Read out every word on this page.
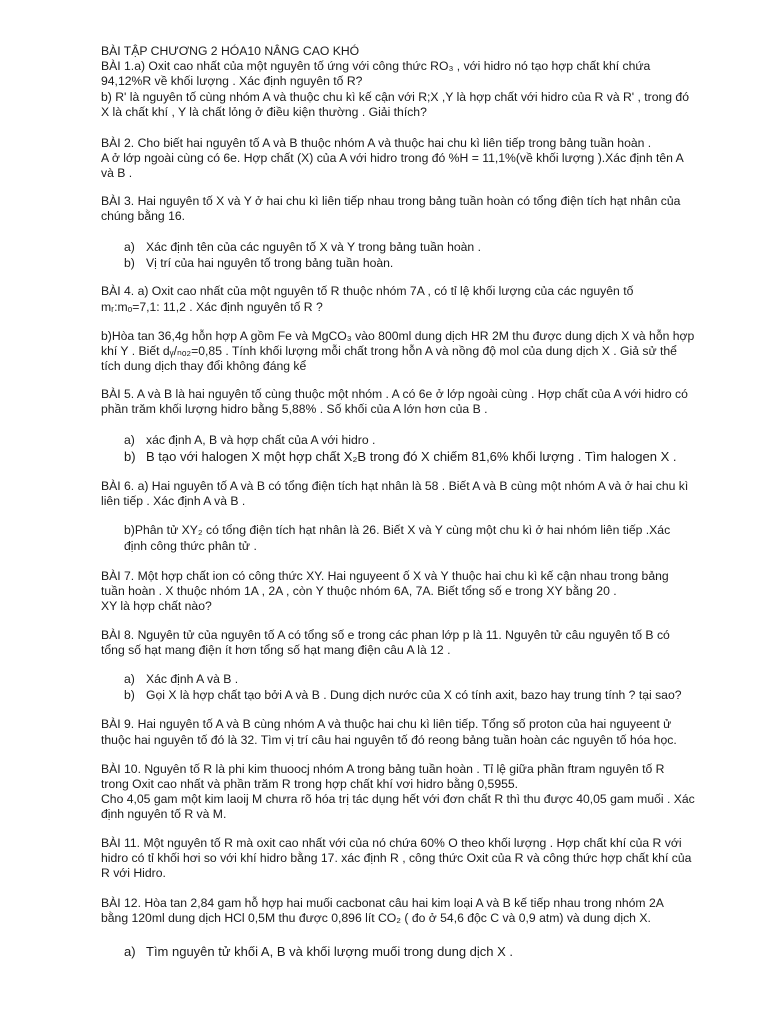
BÀI TẬP CHƯƠNG 2 HÓA10 NÂNG CAO KHÓ
BÀI 1.a) Oxit cao nhất của một nguyên tố ứng với công thức RO₃ , với hidro nó tạo hợp chất khí chứa
94,12%R về khối lượng . Xác định nguyên tố R?
b) R' là nguyên tố cùng nhóm A và thuộc chu kì kế cận với R;X ,Y là hợp chất với hidro của R và R' , trong đó
X là chất khí , Y là chất lỏng ở điều kiện thường . Giải thích?
BÀI 2. Cho biết hai nguyên tố A và B thuộc nhóm A và thuộc hai chu kì liên tiếp trong bảng tuần hoàn .
A ở lớp ngoài cùng có 6e. Hợp chất (X) của A với hidro trong đó %H = 11,1%(về khối lượng ).Xác định tên A
và B .
BÀI 3. Hai nguyên tố X và Y ở hai chu kì liên tiếp nhau trong bảng tuần hoàn có tổng điện tích hạt nhân của
chúng bằng 16.
a) Xác định tên của các nguyên tố X và Y trong bảng tuần hoàn .
b) Vị trí của hai nguyên tố trong bảng tuần hoàn.
BÀI 4. a) Oxit cao nhất của một nguyên tố R thuộc nhóm 7A , có tỉ lệ khối lượng của các nguyên tố
mᵣ:mₒ=7,1: 11,2 . Xác định nguyên tố R ?
b)Hòa tan 36,4g hỗn hợp A gồm Fe và MgCO₃ vào 800ml dung dịch HR 2M thu được dung dịch X và hỗn hợp
khí Y . Biết dᵧ/ₙₒ₂=0,85 . Tính khối lượng mỗi chất trong hỗn A và nồng độ mol của dung dịch X . Giả sử thể
tích dung dịch thay đổi không đáng kể
BÀI 5. A và B là hai nguyên tố cùng thuộc một nhóm . A có 6e ở lớp ngoài cùng . Hợp chất của A với hidro có
phần trăm khối lượng hidro bằng 5,88% . Số khối của A lớn hơn của B .
a) xác định A, B và hợp chất của A với hidro .
b) B tạo với halogen X một hợp chất X₂B trong đó X chiếm 81,6% khối lượng . Tìm halogen X .
BÀI 6. a) Hai nguyên tố A và B có tổng điện tích hạt nhân là 58 . Biết A và B cùng một nhóm A và ở hai chu kì
liên tiếp . Xác định A và B .
b)Phân tử XY₂ có tổng điện tích hạt nhân là 26. Biết X và Y cùng một chu kì ở hai nhóm liên tiếp .Xác
định công thức phân tử .
BÀI 7. Một hợp chất ion có công thức XY. Hai nguyeent ố X và Y thuộc hai chu kì kế cận nhau trong bảng
tuần hoàn . X thuộc nhóm 1A , 2A , còn Y thuộc nhóm 6A, 7A. Biết tổng số e trong XY bằng 20 .
XY là hợp chất nào?
BÀI 8. Nguyên tử của nguyên tố A có tổng số e trong các phan lớp p là 11. Nguyên tử câu nguyên tố B có
tổng số hạt mang điện ít hơn tổng số hạt mang điện câu A là 12 .
a) Xác định A và B .
b) Gọi X là hợp chất tạo bởi A và B . Dung dịch nước của X có tính axit, bazo hay trung tính ? tại sao?
BÀI 9. Hai nguyên tố A và B cùng nhóm A và thuộc hai chu kì liên tiếp. Tổng số proton của hai nguyeent ử
thuộc hai nguyên tố đó là 32. Tìm vị trí câu hai nguyên tố đó reong bảng tuần hoàn các nguyên tố hóa học.
BÀI 10. Nguyên tố R là phi kim thuoocj nhóm A trong bảng tuần hoàn . Tỉ lệ giữa phần ftram nguyên tố R
trong Oxit cao nhất và phần trăm R trong hợp chất khí vơi hidro bằng 0,5955.
Cho 4,05 gam một kim laoij M chưra rõ hóa trị tác dụng hết với đơn chất R thì thu được 40,05 gam muối . Xác
định nguyên tố R và M.
BÀI 11. Một nguyên tố R mà oxit cao nhất với của nó chứa 60% O theo khối lượng . Hợp chất khí của R với
hidro có tỉ khối hơi so với khí hidro bằng 17. xác định R , công thức Oxit của R và công thức hợp chất khí của
R với Hidro.
BÀI 12. Hòa tan 2,84 gam hỗ hợp hai muối cacbonat câu hai kim loại A và B kế tiếp nhau trong nhóm 2A
bằng 120ml dung dịch HCl 0,5M thu được 0,896 lít CO₂ ( đo ở 54,6 độc C và 0,9 atm) và dung dịch X.
a) Tìm nguyên tử khối A, B và khối lượng muối trong dung dịch X .
